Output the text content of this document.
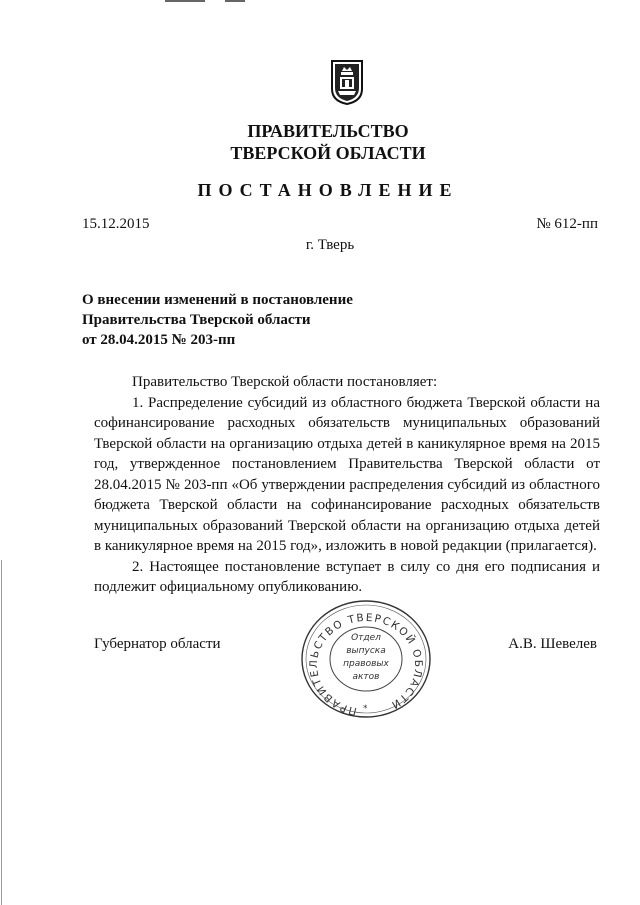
ПРАВИТЕЛЬСТВО
ТВЕРСКОЙ ОБЛАСТИ
ПОСТАНОВЛЕНИЕ
15.12.2015	№ 612-пп
г. Тверь
О внесении изменений в постановление
Правительства Тверской области
от 28.04.2015 № 203-пп

Правительство Тверской области постановляет:

1. Распределение субсидий из областного бюджета Тверской области на софинансирование расходных обязательств муниципальных образований Тверской области на организацию отдыха детей в каникулярное время на 2015 год, утвержденное постановлением Правительства Тверской области от 28.04.2015 № 203-пп «Об утверждении распределения субсидий из областного бюджета Тверской области на софинансирование расходных обязательств муниципальных образований Тверской области на организацию отдыха детей в каникулярное время на 2015 год», изложить в новой редакции (прилагается).

2. Настоящее постановление вступает в силу со дня его подписания и подлежит официальному опубликованию.

Губернатор области	А.В. Шевелев
ПРАВИТЕЛЬСТВО ТВЕРСКОЙ ОБЛАСТИ
*
Отдел
выпуска
правовых
актов
